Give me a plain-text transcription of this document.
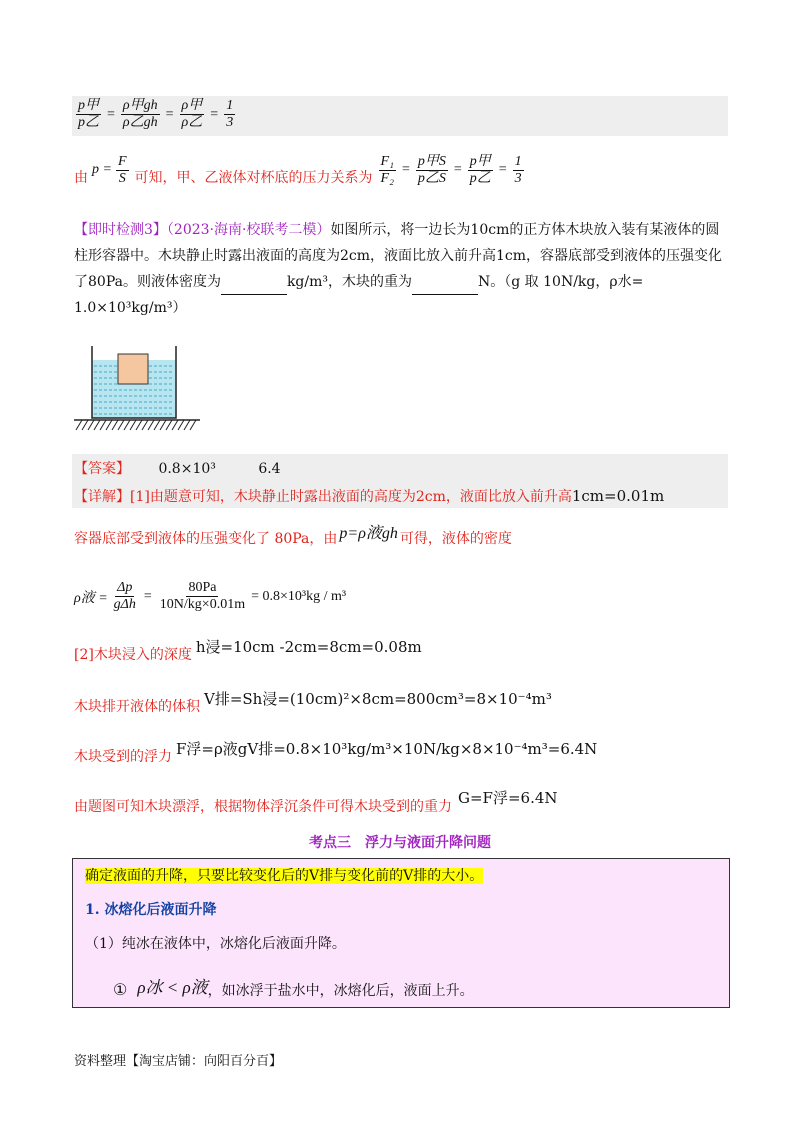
$\frac{\text{p甲}}{\text{p乙}} = \frac{\text{ρ甲gh}}{\text{ρ乙gh}} = \frac{\text{ρ甲}}{\text{ρ乙}} = \frac{1}{3}$
由
$p = \frac{F}{S}$ 可知，甲、乙液体对杯底的压力关系为 $\frac{\text{F₁}}{\text{F₂}} = \frac{\text{p甲S}}{\text{p乙S}} = \frac{\text{p甲}}{\text{p乙}} = \frac{1}{3}$
【即时检测3】（2023·海南·校联考二模）如图所示，将一边长为10cm的正方体木块放入装有某液体的圆柱形容器中。木块静止时露出液面的高度为2cm，液面比放入前升高1cm，容器底部受到液体的压强变化了80Pa。则液体密度为	kg/m³，木块的重为	N。（g 取 10N/kg，ρ水=
1.0×10³kg/m³）
【答案】 0.8×10³	6.4
【详解】[1]由题意可知，木块静止时露出液面的高度为2cm，液面比放入前升高1cm=0.01m
容器底部受到液体的压强变化了 80Pa，由 p=ρ液gh 可得，液体的密度
ρ液 = $\frac{\Delta p}{\text{gΔh}} = \frac{80Pa}{10N/kg\times 0.01m} = 0.8\times 10^3kg / m^3$
[2]木块浸入的深度 h浸=10cm -2cm=8cm=0.08m
木块排开液体的体积 V排=Sh浸=(10cm)²×8cm=800cm³=8×10⁻⁴m³
木块受到的浮力 F浮=ρ液gV排=0.8×10³kg/m³×10N/kg×8×10⁻⁴m³=6.4N
由题图可知木块漂浮，根据物体浮沉条件可得木块受到的重力
G=F浮=6.4N
考点三　浮力与液面升降问题
确定液面的升降，只要比较变化后的V排与变化前的V排的大小。
1. 冰熔化后液面升降
（1）纯冰在液体中，冰熔化后液面升降。
① ρ冰 < ρ液 ，如冰浮于盐水中，冰熔化后，液面上升。
资料整理【淘宝店铺：向阳百分百】
